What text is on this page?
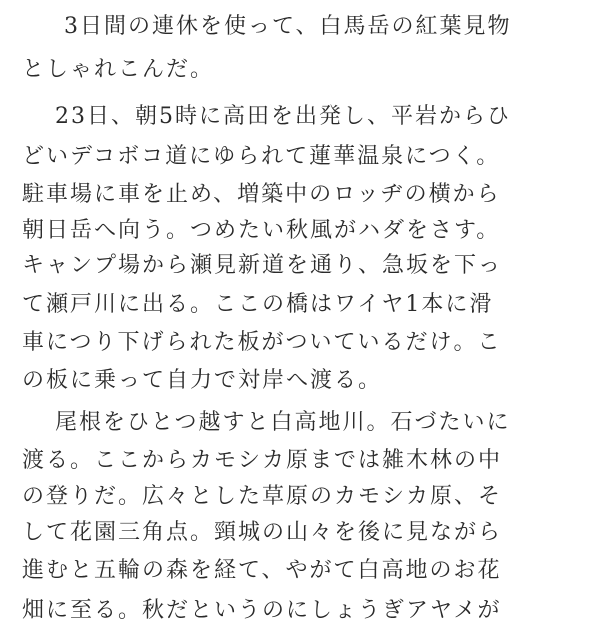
3日間の連休を使って、白馬岳の紅葉見物
としゃれこんだ。
23日、朝5時に高田を出発し、平岩からひ
どいデコボコ道にゆられて蓮華温泉につく。
駐車場に車を止め、増築中のロッヂの横から
朝日岳へ向う。つめたい秋風がハダをさす。
キャンプ場から瀬見新道を通り、急坂を下っ
て瀬戸川に出る。ここの橋はワイヤ1本に滑
車につり下げられた板がついているだけ。こ
の板に乗って自力で対岸へ渡る。
尾根をひとつ越すと白高地川。石づたいに
渡る。ここからカモシカ原までは雑木林の中
の登りだ。広々とした草原のカモシカ原、そ
して花園三角点。頸城の山々を後に見ながら
進むと五輪の森を経て、やがて白高地のお花
畑に至る。秋だというのにしょうぎアヤメが
